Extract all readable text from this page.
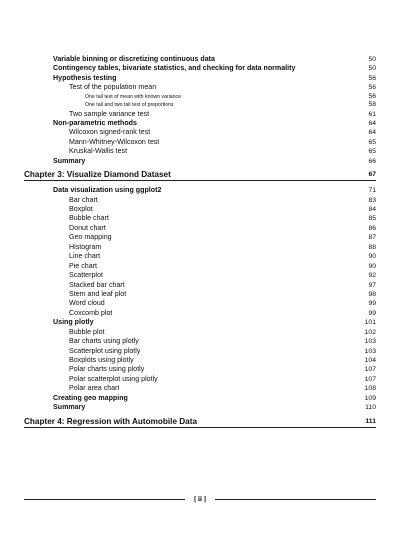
Variable binning or discretizing continuous data	50
Contingency tables, bivariate statistics, and checking for data normality	50
Hypothesis testing	56
Test of the population mean	56
One tail test of mean with known variance	56
One tail and two tail test of proportions	58
Two sample variance test	61
Non-parametric methods	64
Wilcoxon signed-rank test	64
Mann-Whitney-Wilcoxon test	65
Kruskal-Wallis test	65
Summary	66
Chapter 3: Visualize Diamond Dataset	67
Data visualization using ggplot2	71
Bar chart	83
Boxplot	84
Bubble chart	85
Donut chart	86
Geo mapping	87
Histogram	88
Line chart	90
Pie chart	90
Scatterplot	92
Stacked bar chart	97
Stem and leaf plot	98
Word cloud	99
Coxcomb plot	99
Using plotly	101
Bubble plot	102
Bar charts using plotly	103
Scatterplot using plotly	103
Boxplots using plotly	104
Polar charts using plotly	107
Polar scatterplot using plotly	107
Polar area chart	108
Creating geo mapping	109
Summary	110
Chapter 4: Regression with Automobile Data	111
[ ii ]
